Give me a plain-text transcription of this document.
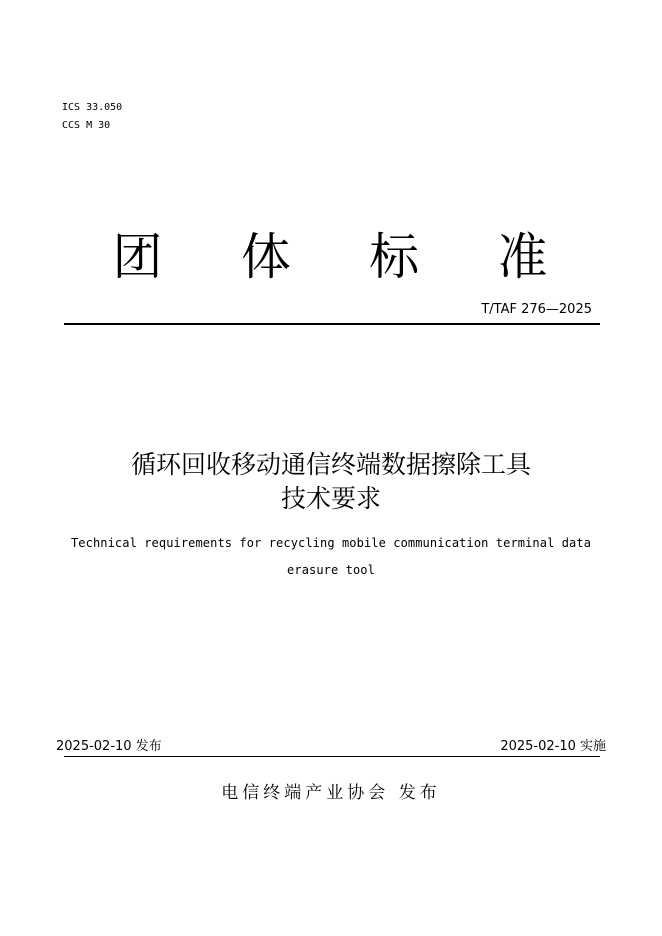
ICS 33.050
CCS M 30
团 体 标 准
T/TAF 276—2025
循环回收移动通信终端数据擦除工具
技术要求
Technical requirements for recycling mobile communication terminal data
erasure tool
2025-02-10 发布	2025-02-10 实施
电信终端产业协会 发布
